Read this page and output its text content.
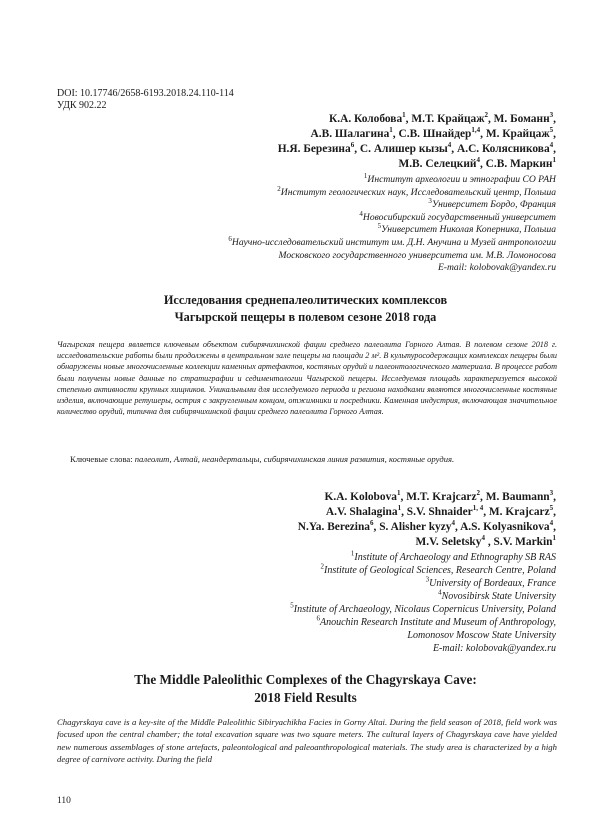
DOI: 10.17746/2658-6193.2018.24.110-114
УДК 902.22
К.А. Колобова$^1$, М.Т. Крайцаж$^2$, М. Боманн$^3$,
А.В. Шалагина$^1$, С.В. Шнайдер$^{1,4}$, М. Крайцаж$^5$,
Н.Я. Березина$^6$, С. Алишер кызы$^4$, А.С. Колясникова$^4$,
М.В. Селецкий$^4$, С.В. Маркин$^1$
$^1$Институт археологии и этнографии СО РАН
$^2$Институт геологических наук, Исследовательский центр, Польша
$^3$Университет Бордо, Франция
$^4$Новосибирский государственный университет
$^5$Университет Николая Коперника, Польша
$^6$Научно-исследовательский институт им. Д.Н. Анучина и Музей антропологии
Московского государственного университета им. М.В. Ломоносова
E-mail: kolobovak@yandex.ru
Исследования среднепалеолитических комплексов
Чагырской пещеры в полевом сезоне 2018 года
Чагырская пещера является ключевым объектом сибирячихинской фации среднего палеолита Горного Алтая. В полевом сезоне 2018 г. исследовательские работы были продолжены в центральном зале пещеры на площади 2 м². В культуросодержащих комплексах пещеры были обнаружены новые многочисленные коллекции каменных артефактов, костяных орудий и палеонтологического материала. В процессе работ были получены новые данные по стратиграфии и седиментологии Чагырской пещеры. Исследуемая площадь характеризуется высокой степенью активности крупных хищников. Уникальными для исследуемого периода и региона находками являются многочисленные костяные изделия, включающие ретушеры, острия с закругленным концом, отжимники и посредники. Каменная индустрия, включающая значительное количество орудий, типична для сибирячихинской фации среднего палеолита Горного Алтая.
Ключевые слова: палеолит, Алтай, неандертальцы, сибирячихинская линия развития, костяные орудия.
K.A. Kolobova$^1$, M.T. Krajcarz$^2$, M. Baumann$^3$,
A.V. Shalagina$^1$, S.V. Shnaider$^{1, 4}$, M. Krajcarz$^5$,
N.Ya. Berezina$^6$, S. Alisher kyzy$^4$, A.S. Kolyasnikova$^4$,
M.V. Seletsky$^4$ , S.V. Markin$^1$
$^1$Institute of Archaeology and Ethnography SB RAS
$^2$Institute of Geological Sciences, Research Centre, Poland
$^3$University of Bordeaux, France
$^4$Novosibirsk State University
$^5$Institute of Archaeology, Nicolaus Copernicus University, Poland
$^6$Anouchin Research Institute and Museum of Anthropology,
Lomonosov Moscow State University
E-mail: kolobovak@yandex.ru
The Middle Paleolithic Complexes of the Chagyrskaya Cave:
2018 Field Results
Chagyrskaya cave is a key-site of the Middle Paleolithic Sibiryachikha Facies in Gorny Altai. During the field season of 2018, field work was focused upon the central chamber; the total excavation square was two square meters. The cultural layers of Chagyrskaya cave have yielded new numerous assemblages of stone artefacts, paleontological and paleoanthropological materials. The study area is characterized by a high degree of carnivore activity. During the field
110
